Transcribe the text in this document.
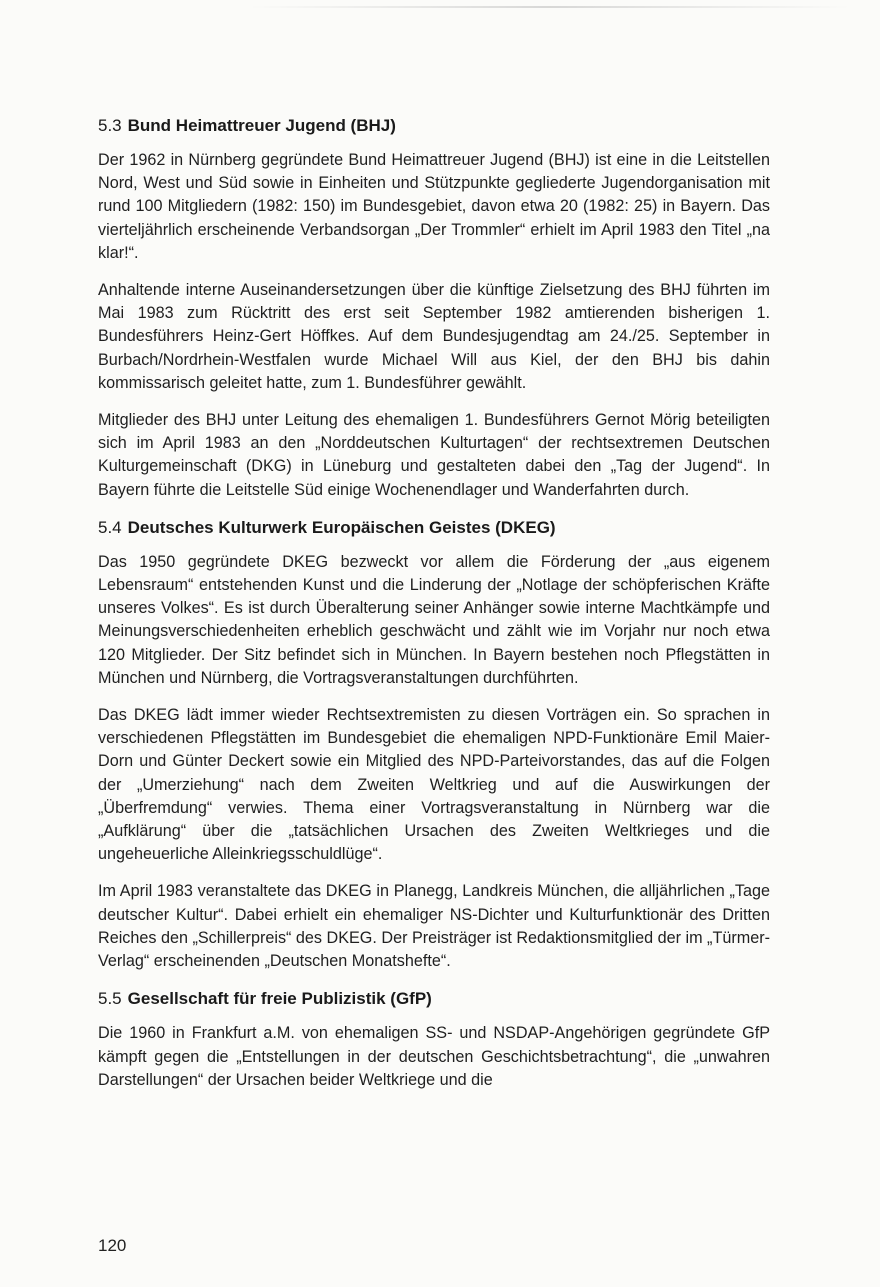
5.3 Bund Heimattreuer Jugend (BHJ)

Der 1962 in Nürnberg gegründete Bund Heimattreuer Jugend (BHJ) ist eine in die Leitstellen Nord, West und Süd sowie in Einheiten und Stützpunkte gegliederte Jugendorganisation mit rund 100 Mitgliedern (1982: 150) im Bundesgebiet, davon etwa 20 (1982: 25) in Bayern. Das vierteljährlich erscheinende Verbandsorgan „Der Trommler“ erhielt im April 1983 den Titel „na klar!“.

Anhaltende interne Auseinandersetzungen über die künftige Zielsetzung des BHJ führten im Mai 1983 zum Rücktritt des erst seit September 1982 amtierenden bisherigen 1. Bundesführers Heinz-Gert Höffkes. Auf dem Bundesjugendtag am 24./25. September in Burbach/Nordrhein-Westfalen wurde Michael Will aus Kiel, der den BHJ bis dahin kommissarisch geleitet hatte, zum 1. Bundesführer gewählt.

Mitglieder des BHJ unter Leitung des ehemaligen 1. Bundesführers Gernot Mörig beteiligten sich im April 1983 an den „Norddeutschen Kulturtagen“ der rechtsextremen Deutschen Kulturgemeinschaft (DKG) in Lüneburg und gestalteten dabei den „Tag der Jugend“. In Bayern führte die Leitstelle Süd einige Wochenendlager und Wanderfahrten durch.

5.4 Deutsches Kulturwerk Europäischen Geistes (DKEG)

Das 1950 gegründete DKEG bezweckt vor allem die Förderung der „aus eigenem Lebensraum“ entstehenden Kunst und die Linderung der „Notlage der schöpferischen Kräfte unseres Volkes“. Es ist durch Überalterung seiner Anhänger sowie interne Machtkämpfe und Meinungsverschiedenheiten erheblich geschwächt und zählt wie im Vorjahr nur noch etwa 120 Mitglieder. Der Sitz befindet sich in München. In Bayern bestehen noch Pflegstätten in München und Nürnberg, die Vortragsveranstaltungen durchführten.

Das DKEG lädt immer wieder Rechtsextremisten zu diesen Vorträgen ein. So sprachen in verschiedenen Pflegstätten im Bundesgebiet die ehemaligen NPD-Funktionäre Emil Maier-Dorn und Günter Deckert sowie ein Mitglied des NPD-Parteivorstandes, das auf die Folgen der „Umerziehung“ nach dem Zweiten Weltkrieg und auf die Auswirkungen der „Überfremdung“ verwies. Thema einer Vortragsveranstaltung in Nürnberg war die „Aufklärung“ über die „tatsächlichen Ursachen des Zweiten Weltkrieges und die ungeheuerliche Alleinkriegsschuldlüge“.

Im April 1983 veranstaltete das DKEG in Planegg, Landkreis München, die alljährlichen „Tage deutscher Kultur“. Dabei erhielt ein ehemaliger NS-Dichter und Kulturfunktionär des Dritten Reiches den „Schillerpreis“ des DKEG. Der Preisträger ist Redaktionsmitglied der im „Türmer-Verlag“ erscheinenden „Deutschen Monatshefte“.

5.5 Gesellschaft für freie Publizistik (GfP)

Die 1960 in Frankfurt a.M. von ehemaligen SS- und NSDAP-Angehörigen gegründete GfP kämpft gegen die „Entstellungen in der deutschen Geschichtsbetrachtung“, die „unwahren Darstellungen“ der Ursachen beider Weltkriege und die

120
